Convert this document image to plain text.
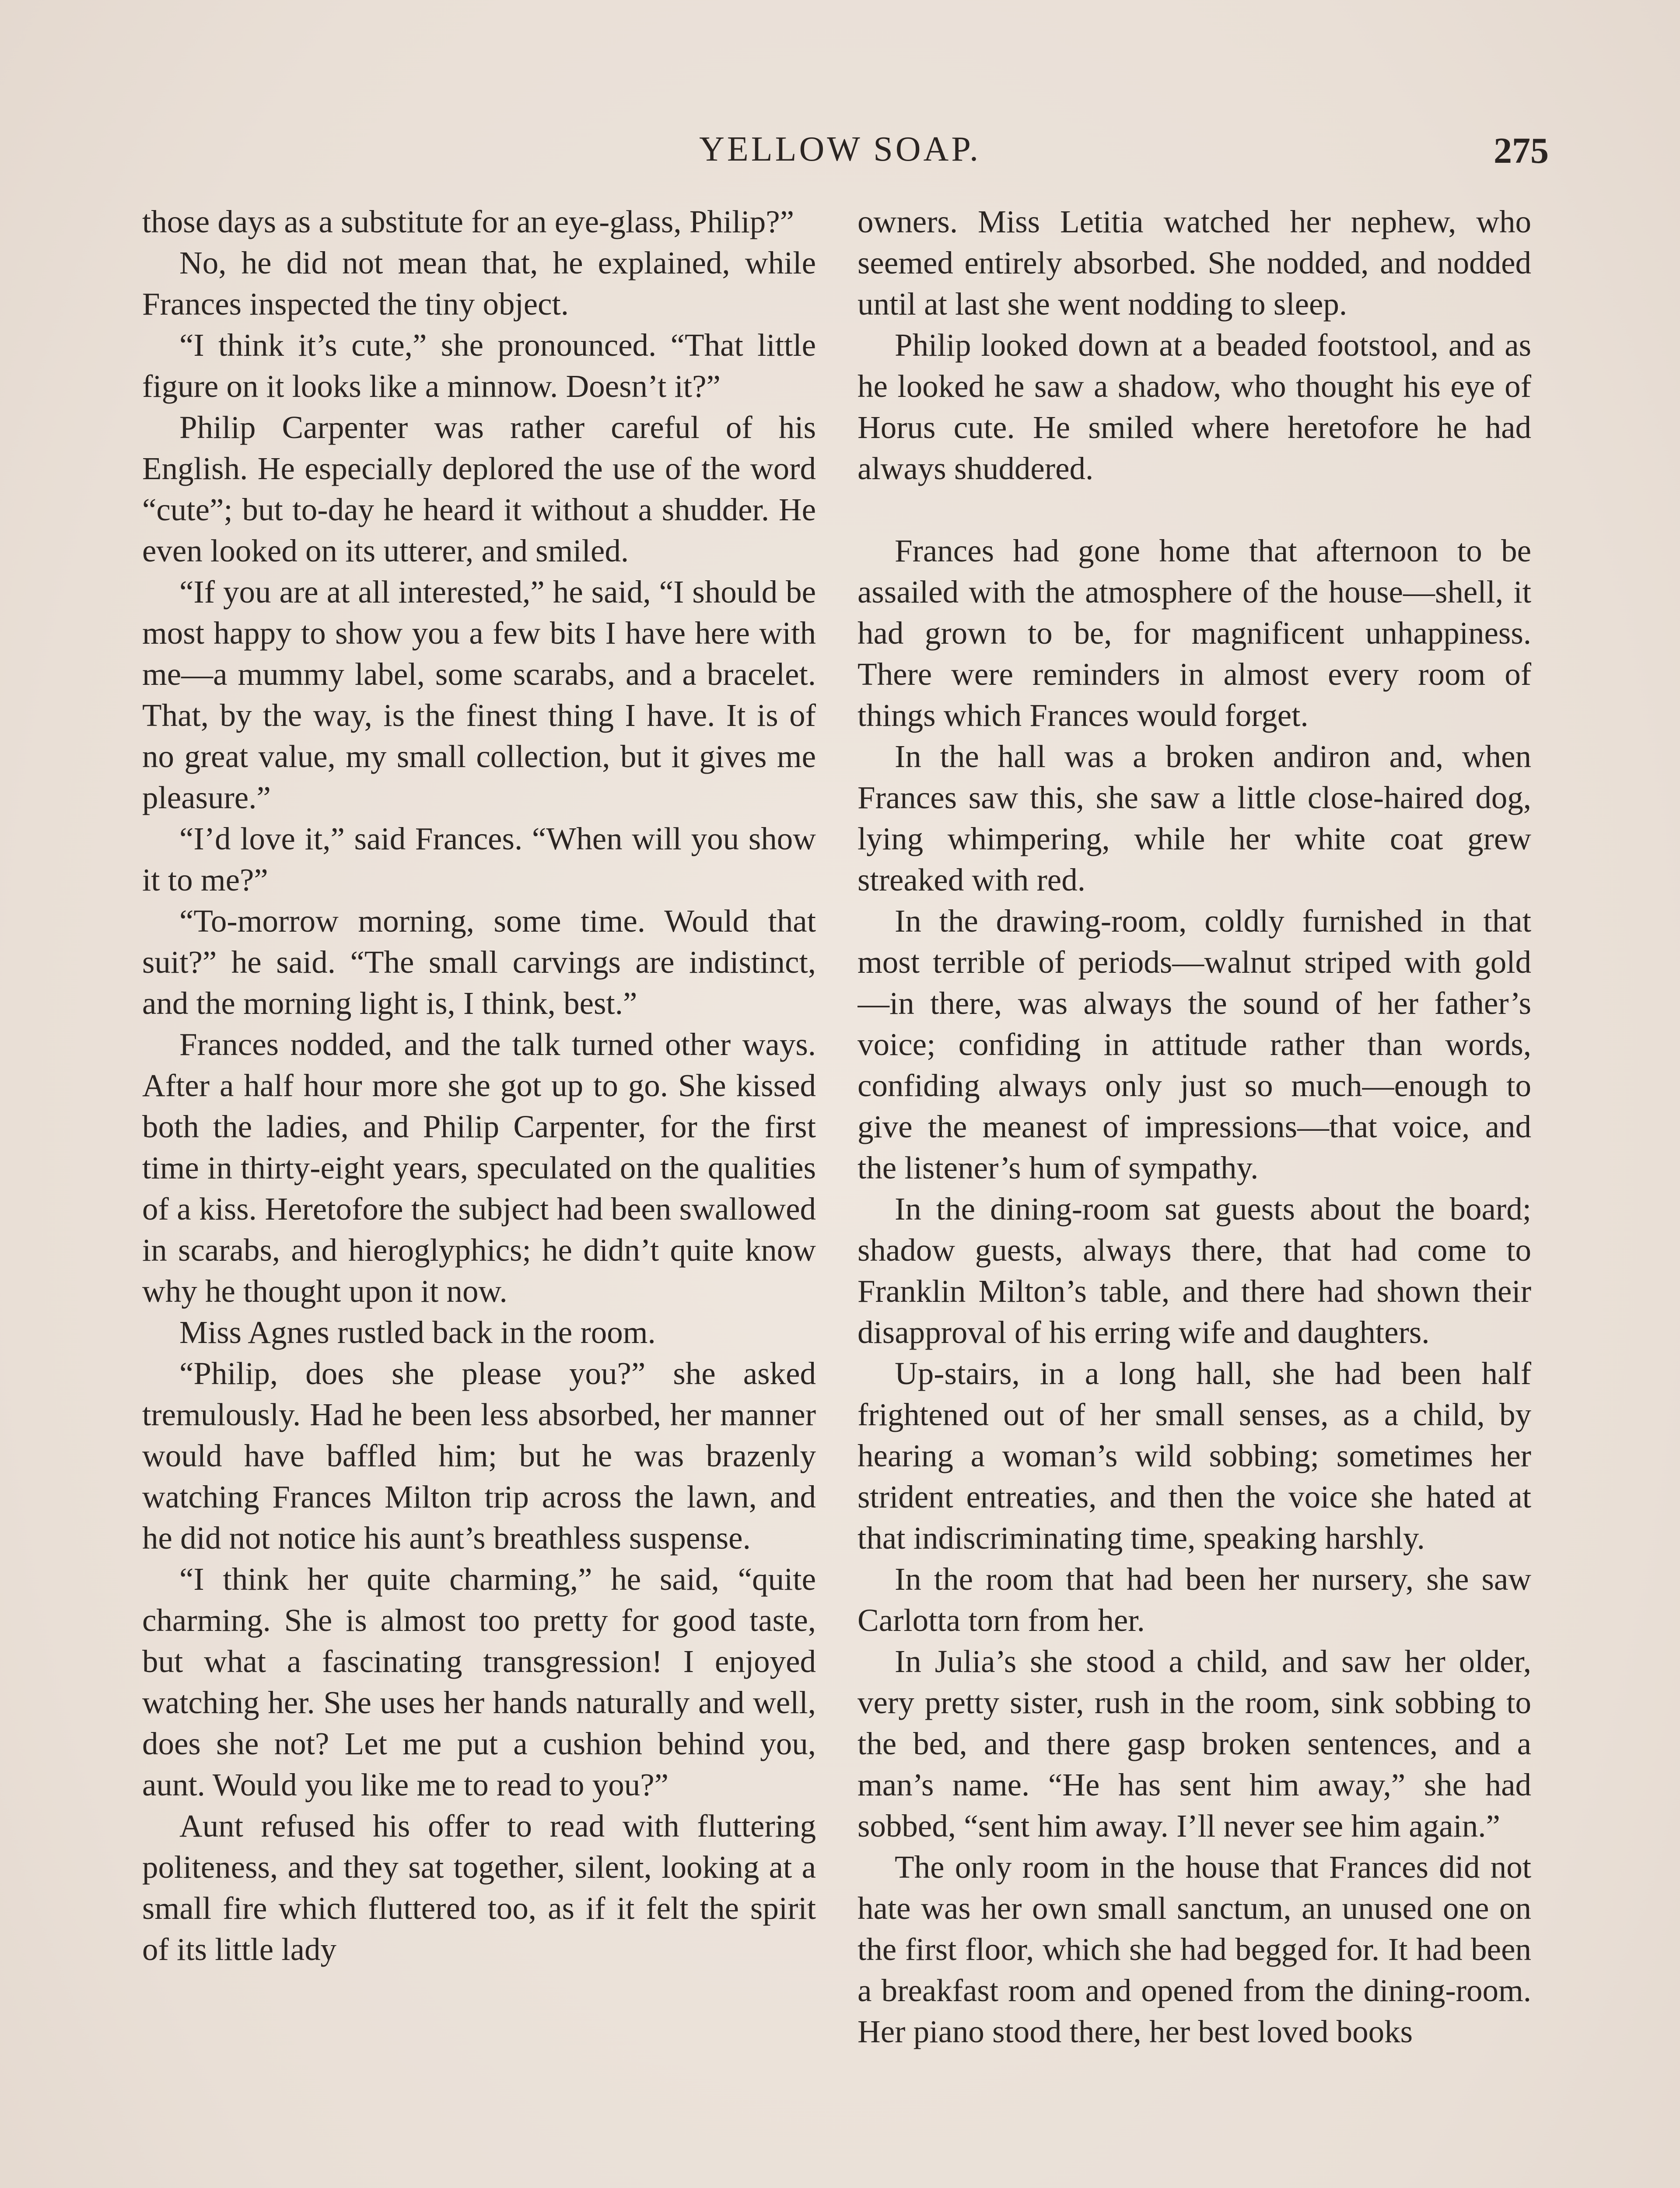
YELLOW SOAP.	275

those days as a substitute for an eye-glass, Philip?”

No, he did not mean that, he explained, while Frances inspected the tiny object.

“I think it’s cute,” she pronounced. “That little figure on it looks like a minnow. Doesn’t it?”

Philip Carpenter was rather careful of his English. He especially deplored the use of the word “cute”; but to-day he heard it without a shudder. He even looked on its utterer, and smiled.

“If you are at all interested,” he said, “I should be most happy to show you a few bits I have here with me—a mummy label, some scarabs, and a bracelet. That, by the way, is the finest thing I have. It is of no great value, my small collection, but it gives me pleasure.”

“I’d love it,” said Frances. “When will you show it to me?”

“To-morrow morning, some time. Would that suit?” he said. “The small carvings are indistinct, and the morning light is, I think, best.”

Frances nodded, and the talk turned other ways. After a half hour more she got up to go. She kissed both the ladies, and Philip Carpenter, for the first time in thirty-eight years, speculated on the qualities of a kiss. Heretofore the subject had been swallowed in scarabs, and hieroglyphics; he didn’t quite know why he thought upon it now.

Miss Agnes rustled back in the room.

“Philip, does she please you?” she asked tremulously. Had he been less absorbed, her manner would have baffled him; but he was brazenly watching Frances Milton trip across the lawn, and he did not notice his aunt’s breathless suspense.

“I think her quite charming,” he said, “quite charming. She is almost too pretty for good taste, but what a fascinating transgression! I enjoyed watching her. She uses her hands naturally and well, does she not? Let me put a cushion behind you, aunt. Would you like me to read to you?”

Aunt refused his offer to read with fluttering politeness, and they sat together, silent, looking at a small fire which fluttered too, as if it felt the spirit of its little lady

owners. Miss Letitia watched her nephew, who seemed entirely absorbed. She nodded, and nodded until at last she went nodding to sleep.

Philip looked down at a beaded footstool, and as he looked he saw a shadow, who thought his eye of Horus cute. He smiled where heretofore he had always shuddered.

Frances had gone home that afternoon to be assailed with the atmosphere of the house—shell, it had grown to be, for magnificent unhappiness. There were reminders in almost every room of things which Frances would forget.

In the hall was a broken andiron and, when Frances saw this, she saw a little close-haired dog, lying whimpering, while her white coat grew streaked with red.

In the drawing-room, coldly furnished in that most terrible of periods—walnut striped with gold—in there, was always the sound of her father’s voice; confiding in attitude rather than words, confiding always only just so much—enough to give the meanest of impressions—that voice, and the listener’s hum of sympathy.

In the dining-room sat guests about the board; shadow guests, always there, that had come to Franklin Milton’s table, and there had shown their disapproval of his erring wife and daughters.

Up-stairs, in a long hall, she had been half frightened out of her small senses, as a child, by hearing a woman’s wild sobbing; sometimes her strident entreaties, and then the voice she hated at that indiscriminating time, speaking harshly.

In the room that had been her nursery, she saw Carlotta torn from her.

In Julia’s she stood a child, and saw her older, very pretty sister, rush in the room, sink sobbing to the bed, and there gasp broken sentences, and a man’s name. “He has sent him away,” she had sobbed, “sent him away. I’ll never see him again.”

The only room in the house that Frances did not hate was her own small sanctum, an unused one on the first floor, which she had begged for. It had been a breakfast room and opened from the dining-room. Her piano stood there, her best loved books
